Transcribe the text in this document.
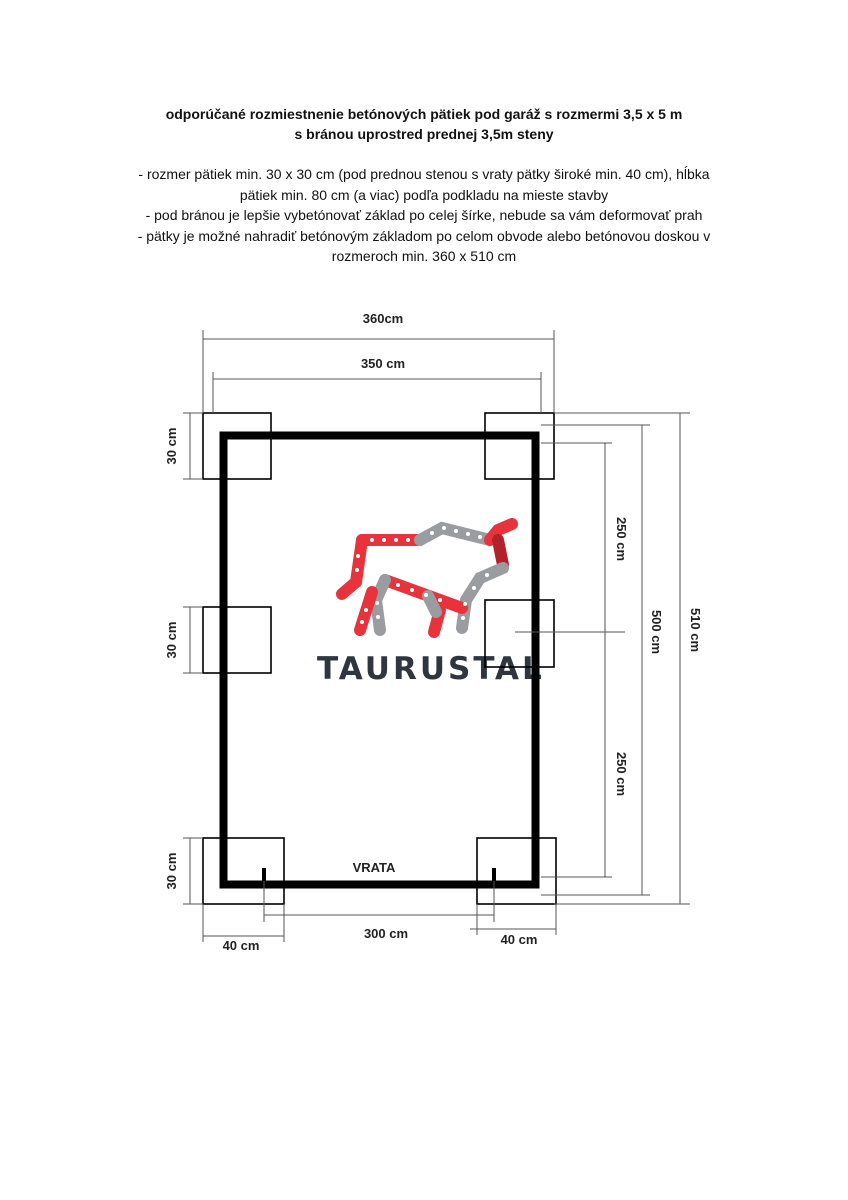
odporúčané rozmiestnenie betónových pätiek pod garáž s rozmermi 3,5 x 5 m
s bránou uprostred prednej 3,5m steny
- rozmer pätiek min. 30 x 30 cm (pod prednou stenou s vraty pätky široké min. 40 cm), hĺbka
pätiek min. 80 cm (a viac) podľa podkladu na mieste stavby
- pod bránou je lepšie vybetónovať základ po celej šírke, nebude sa vám deformovať prah
- pätky je možné nahradiť betónovým základom po celom obvode alebo betónovou doskou v
rozmeroch min. 360 x 510 cm
TAURUSTAL
VRATA
360cm
350 cm
30 cm
30 cm
30 cm
250 cm
250 cm
500 cm 510 cm
40 cm
300 cm	40 cm
